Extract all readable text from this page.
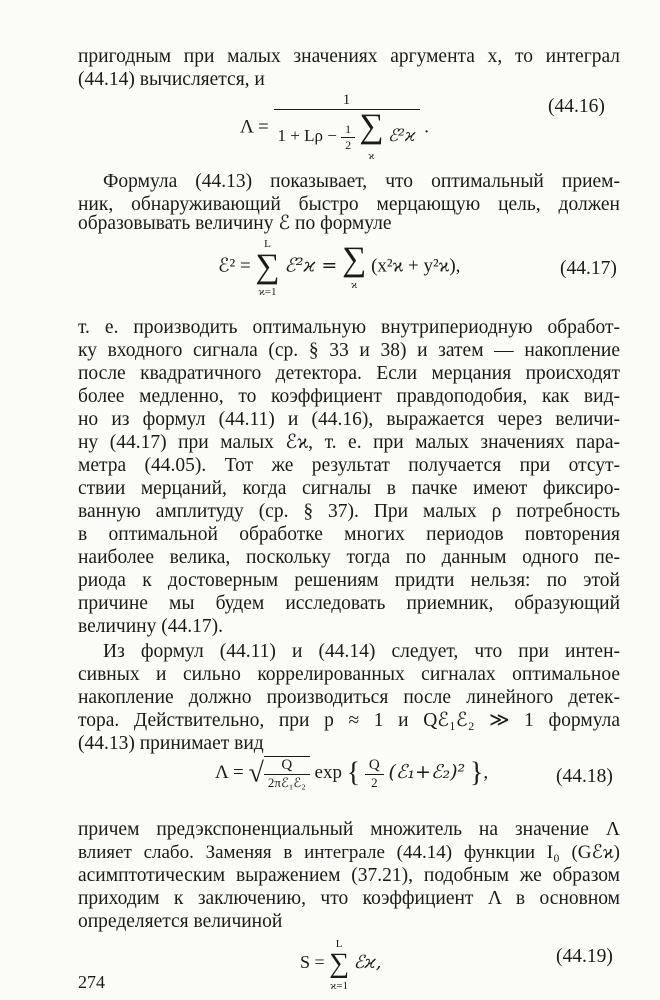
пригодным при малых значениях аргумента x, то интеграл
(44.14) вычисляется, и
Λ =
1
$1 + L\rho - \frac{1}{2}$ ∑
ϰ ℰ²ϰ .
(44.16)
Формула (44.13) показывает, что оптимальный прием-
ник, обнаруживающий быстро мерцающую цель, должен
образовывать величину ℰ по формуле
ℰ² = L
∑
ϰ=1 ℰ²ϰ = ∑
ϰ (x²ϰ + y²ϰ),	(44.17)
т. е. производить оптимальную внутрипериодную обработ-
ку входного сигнала (ср. § 33 и 38) и затем — накопление
после квадратичного детектора. Если мерцания происходят
более медленно, то коэффициент правдоподобия, как вид-
но из формул (44.11) и (44.16), выражается через величи-
ну (44.17) при малых ℰϰ, т. е. при малых значениях пара-
метра (44.05). Тот же результат получается при отсут-
ствии мерцаний, когда сигналы в пачке имеют фиксиро-
ванную амплитуду (ср. § 37). При малых ρ потребность
в оптимальной обработке многих периодов повторения
наиболее велика, поскольку тогда по данным одного пе-
риода к достоверным решениям придти нельзя: по этой
причине мы будем исследовать приемник, образующий
величину (44.17).
Из формул (44.11) и (44.14) следует, что при интен-
сивных и сильно коррелированных сигналах оптимальное
накопление должно производиться после линейного детек-
тора. Действительно, при p ≈ 1 и Qℰ₁ℰ₂ ≫ 1 формула
(44.13) принимает вид
Λ = √ $\frac{Q}{\text{2πℰ₁ℰ₂}}$ exp { $\frac{Q}{2}$ (ℰ₁+ℰ₂)² },	(44.18)
причем предэкспоненциальный множитель на значение Λ
влияет слабо. Заменяя в интеграле (44.14) функции I₀ (Gℰϰ)
асимптотическим выражением (37.21), подобным же образом
приходим к заключению, что коэффициент Λ в основном
определяется величиной
274
S = L
∑
ϰ=1 ℰϰ,	(44.19)
